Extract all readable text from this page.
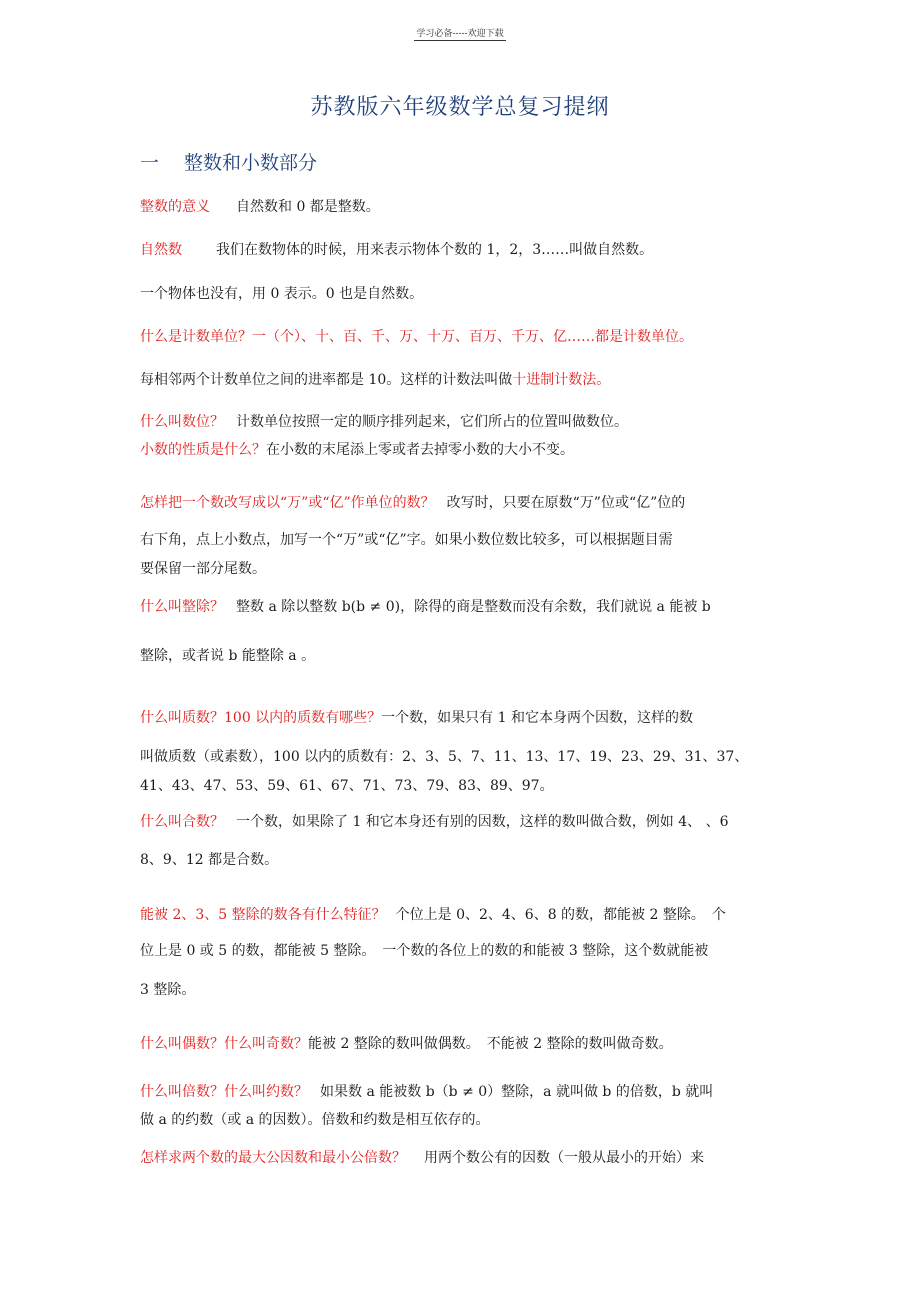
学习必备-----欢迎下载
苏教版六年级数学总复习提纲
一 整数和小数部分
整数的意义 自然数和 0 都是整数。
自然数 我们在数物体的时候，用来表示物体个数的 1，2，3……叫做自然数。
一个物体也没有，用 0 表示。0 也是自然数。
什么是计数单位？一（个）、十、百、千、万、十万、百万、千万、亿……都是计数单位。
每相邻两个计数单位之间的进率都是 10。这样的计数法叫做十进制计数法。
什么叫数位？ 计数单位按照一定的顺序排列起来，它们所占的位置叫做数位。
小数的性质是什么？在小数的末尾添上零或者去掉零小数的大小不变。
怎样把一个数改写成以“万”或“亿”作单位的数？ 改写时，只要在原数“万”位或“亿”位的
右下角，点上小数点，加写一个“万”或“亿”字。如果小数位数比较多，可以根据题目需
要保留一部分尾数。
什么叫整除？ 整数 a 除以整数 b(b ≠ 0)，除得的商是整数而没有余数，我们就说 a 能被 b
整除，或者说 b 能整除 a 。
什么叫质数？100 以内的质数有哪些？一个数，如果只有 1 和它本身两个因数，这样的数
叫做质数（或素数），100 以内的质数有：2、3、5、7、11、13、17、19、23、29、31、37、
41、43、47、53、59、61、67、71、73、79、83、89、97。
什么叫合数？ 一个数，如果除了 1 和它本身还有别的因数，这样的数叫做合数，例如 4、 、6
8、9、12 都是合数。
能被 2、3、5 整除的数各有什么特征？ 个位上是 0、2、4、6、8 的数，都能被 2 整除。　个
位上是 0 或 5 的数，都能被 5 整除。　一个数的各位上的数的和能被 3 整除，这个数就能被
3 整除。
什么叫偶数？什么叫奇数？能被 2 整除的数叫做偶数。　不能被 2 整除的数叫做奇数。
什么叫倍数？什么叫约数？ 如果数 a 能被数 b（b ≠ 0）整除，a 就叫做 b 的倍数，b 就叫
做 a 的约数（或 a 的因数）。倍数和约数是相互依存的。
怎样求两个数的最大公因数和最小公倍数？ 用两个数公有的因数（一般从最小的开始）来
